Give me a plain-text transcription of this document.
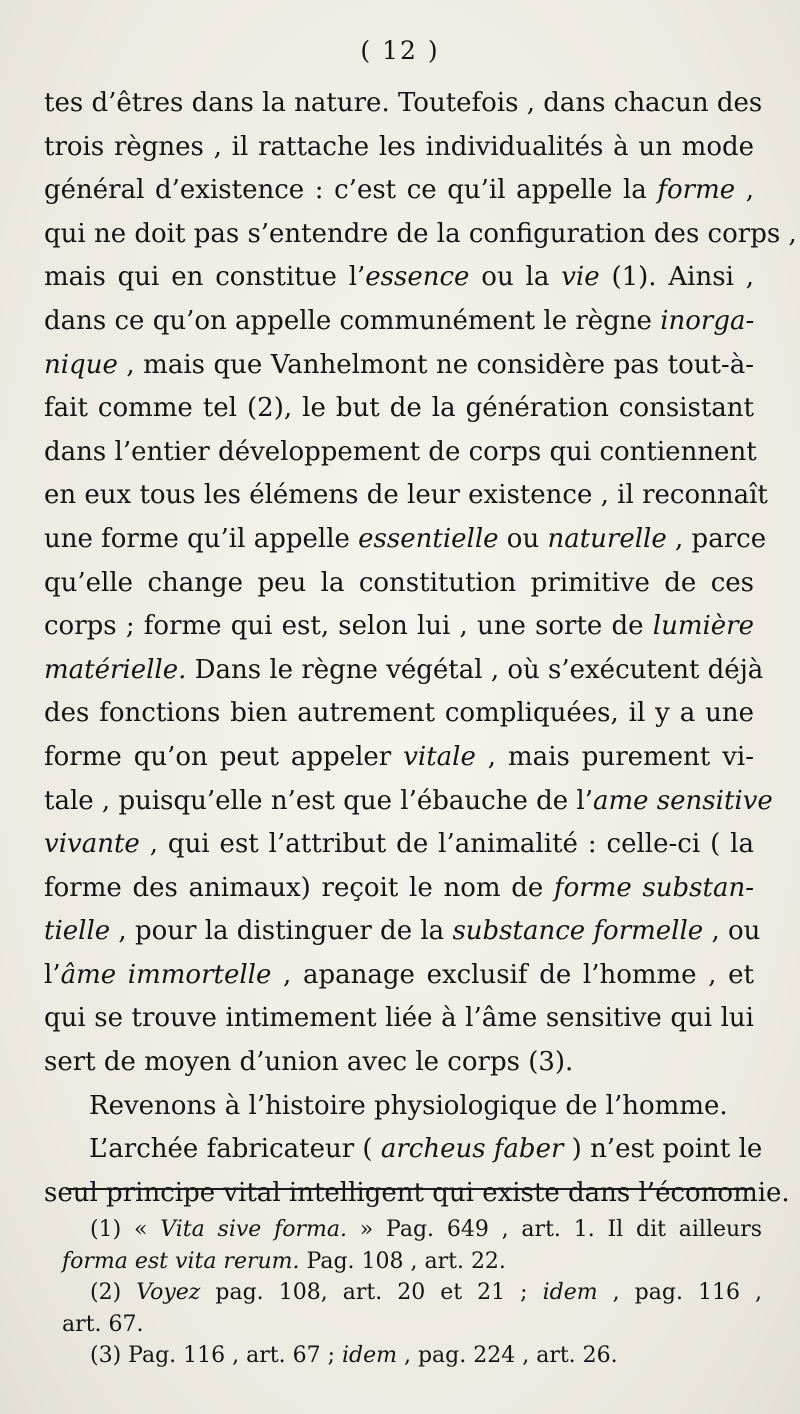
( 12 )
tes d’êtres dans la nature. Toutefois , dans chacun des
trois règnes , il rattache les individualités à un mode
général d’existence : c’est ce qu’il appelle la forme ,
qui ne doit pas s’entendre de la configuration des corps ,
mais qui en constitue l’essence ou la vie (1). Ainsi ,
dans ce qu’on appelle communément le règne inorga-
nique , mais que Vanhelmont ne considère pas tout-à-
fait comme tel (2), le but de la génération consistant
dans l’entier développement de corps qui contiennent
en eux tous les élémens de leur existence , il reconnaît
une forme qu’il appelle essentielle ou naturelle , parce
qu’elle change peu la constitution primitive de ces
corps ; forme qui est, selon lui , une sorte de lumière
matérielle. Dans le règne végétal , où s’exécutent déjà
des fonctions bien autrement compliquées, il y a une
forme qu’on peut appeler vitale , mais purement vi-
tale , puisqu’elle n’est que l’ébauche de l’ame sensitive
vivante , qui est l’attribut de l’animalité : celle-ci ( la
forme des animaux) reçoit le nom de forme substan-
tielle , pour la distinguer de la substance formelle , ou
l’âme immortelle , apanage exclusif de l’homme , et
qui se trouve intimement liée à l’âme sensitive qui lui
sert de moyen d’union avec le corps (3).
Revenons à l’histoire physiologique de l’homme.
L’archée fabricateur ( archeus faber ) n’est point le
seul principe vital intelligent qui existe dans l’économie.
(1) « Vita sive forma. » Pag. 649 , art. 1. Il dit ailleurs
forma est vita rerum. Pag. 108 , art. 22.
(2) Voyez pag. 108, art. 20 et 21 ; idem , pag. 116 ,
art. 67.
(3) Pag. 116 , art. 67 ; idem , pag. 224 , art. 26.
